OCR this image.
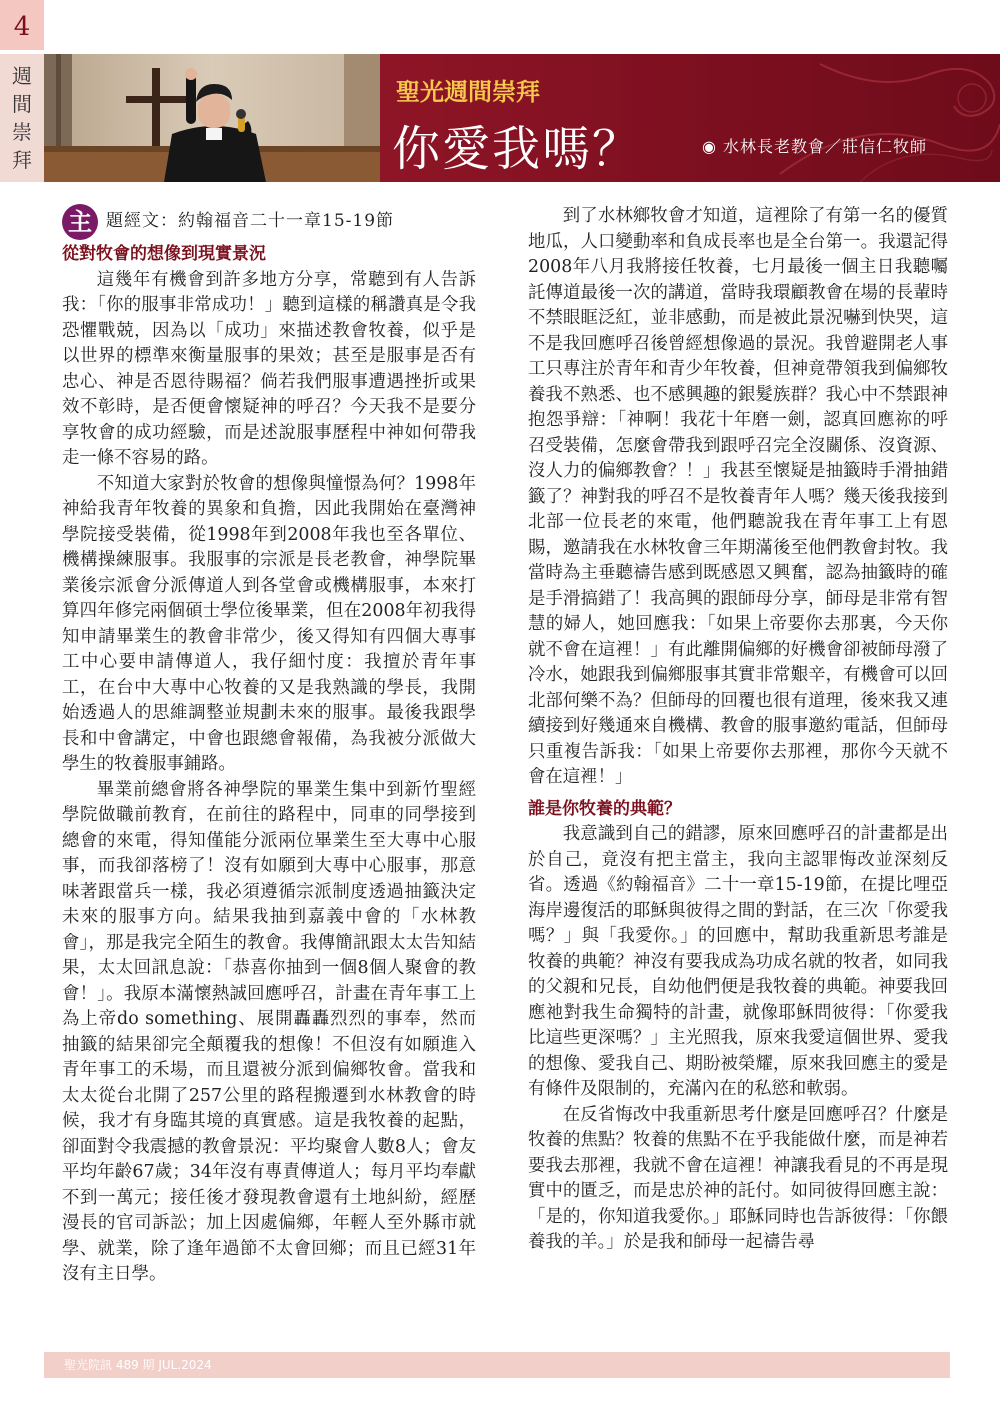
4
週
間
崇
拜
聖光週間崇拜
你愛我嗎？	◉ 水林長老教會／莊信仁牧師
主 題經文：約翰福音二十一章15-19節

從對牧會的想像到現實景況

這幾年有機會到許多地方分享，常聽到有人告訴我：「你的服事非常成功！」聽到這樣的稱讚真是令我恐懼戰兢，因為以「成功」來描述教會牧養，似乎是以世界的標準來衡量服事的果效；甚至是服事是否有忠心、神是否恩待賜福？倘若我們服事遭遇挫折或果效不彰時，是否便會懷疑神的呼召？今天我不是要分享牧會的成功經驗，而是述說服事歷程中神如何帶我走一條不容易的路。

不知道大家對於牧會的想像與憧憬為何？1998年神給我青年牧養的異象和負擔，因此我開始在臺灣神學院接受裝備，從1998年到2008年我也至各單位、機構操練服事。我服事的宗派是長老教會，神學院畢業後宗派會分派傳道人到各堂會或機構服事，本來打算四年修完兩個碩士學位後畢業，但在2008年初我得知申請畢業生的教會非常少，後又得知有四個大專事工中心要申請傳道人，我仔細忖度：我擅於青年事工，在台中大專中心牧養的又是我熟識的學長，我開始透過人的思維調整並規劃未來的服事。最後我跟學長和中會講定，中會也跟總會報備，為我被分派做大學生的牧養服事鋪路。

畢業前總會將各神學院的畢業生集中到新竹聖經學院做職前教育，在前往的路程中，同車的同學接到總會的來電，得知僅能分派兩位畢業生至大專中心服事，而我卻落榜了！沒有如願到大專中心服事，那意味著跟當兵一樣，我必須遵循宗派制度透過抽籤決定未來的服事方向。結果我抽到嘉義中會的「水林教會」，那是我完全陌生的教會。我傳簡訊跟太太告知結果，太太回訊息說：「恭喜你抽到一個8個人聚會的教會！」。我原本滿懷熱誠回應呼召，計畫在青年事工上為上帝do something、展開轟轟烈烈的事奉，然而抽籤的結果卻完全顛覆我的想像！不但沒有如願進入青年事工的禾場，而且還被分派到偏鄉牧會。當我和太太從台北開了257公里的路程搬遷到水林教會的時候，我才有身臨其境的真實感。這是我牧養的起點，卻面對令我震撼的教會景況：平均聚會人數8人；會友平均年齡67歲；34年沒有專責傳道人；每月平均奉獻不到一萬元；接任後才發現教會還有土地糾紛，經歷漫長的官司訴訟；加上因處偏鄉，年輕人至外縣市就學、就業，除了逢年過節不太會回鄉；而且已經31年沒有主日學。

到了水林鄉牧會才知道，這裡除了有第一名的優質地瓜，人口變動率和負成長率也是全台第一。我還記得2008年八月我將接任牧養，七月最後一個主日我聽囑託傳道最後一次的講道，當時我環顧教會在場的長輩時不禁眼眶泛紅，並非感動，而是被此景況嚇到快哭，這不是我回應呼召後曾經想像過的景況。我曾避開老人事工只專注於青年和青少年牧養，但神竟帶領我到偏鄉牧養我不熟悉、也不感興趣的銀髮族群？我心中不禁跟神抱怨爭辯：「神啊！我花十年磨一劍，認真回應祢的呼召受裝備，怎麼會帶我到跟呼召完全沒關係、沒資源、沒人力的偏鄉教會？！」我甚至懷疑是抽籤時手滑抽錯籤了？神對我的呼召不是牧養青年人嗎？幾天後我接到北部一位長老的來電，他們聽說我在青年事工上有恩賜，邀請我在水林牧會三年期滿後至他們教會封牧。我當時為主垂聽禱告感到既感恩又興奮，認為抽籤時的確是手滑搞錯了！我高興的跟師母分享，師母是非常有智慧的婦人，她回應我：「如果上帝要你去那裏，今天你就不會在這裡！」有此離開偏鄉的好機會卻被師母潑了冷水，她跟我到偏鄉服事其實非常艱辛，有機會可以回北部何樂不為？但師母的回覆也很有道理，後來我又連續接到好幾通來自機構、教會的服事邀約電話，但師母只重複告訴我：「如果上帝要你去那裡，那你今天就不會在這裡！」

誰是你牧養的典範？

我意識到自己的錯謬，原來回應呼召的計畫都是出於自己，竟沒有把主當主，我向主認罪悔改並深刻反省。透過《約翰福音》二十一章15-19節，在提比哩亞海岸邊復活的耶穌與彼得之間的對話，在三次「你愛我嗎？」與「我愛你。」的回應中，幫助我重新思考誰是牧養的典範？神沒有要我成為功成名就的牧者，如同我的父親和兄長，自幼他們便是我牧養的典範。神要我回應祂對我生命獨特的計畫，就像耶穌問彼得：「你愛我比這些更深嗎？」主光照我，原來我愛這個世界、愛我的想像、愛我自己、期盼被榮耀，原來我回應主的愛是有條件及限制的，充滿內在的私慾和軟弱。

在反省悔改中我重新思考什麼是回應呼召？什麼是牧養的焦點？牧養的焦點不在乎我能做什麼，而是神若要我去那裡，我就不會在這裡！神讓我看見的不再是現實中的匱乏，而是忠於神的託付。如同彼得回應主說：「是的，你知道我愛你。」耶穌同時也告訴彼得：「你餵養我的羊。」於是我和師母一起禱告尋

聖光院訊 489 期 JUL.2024
